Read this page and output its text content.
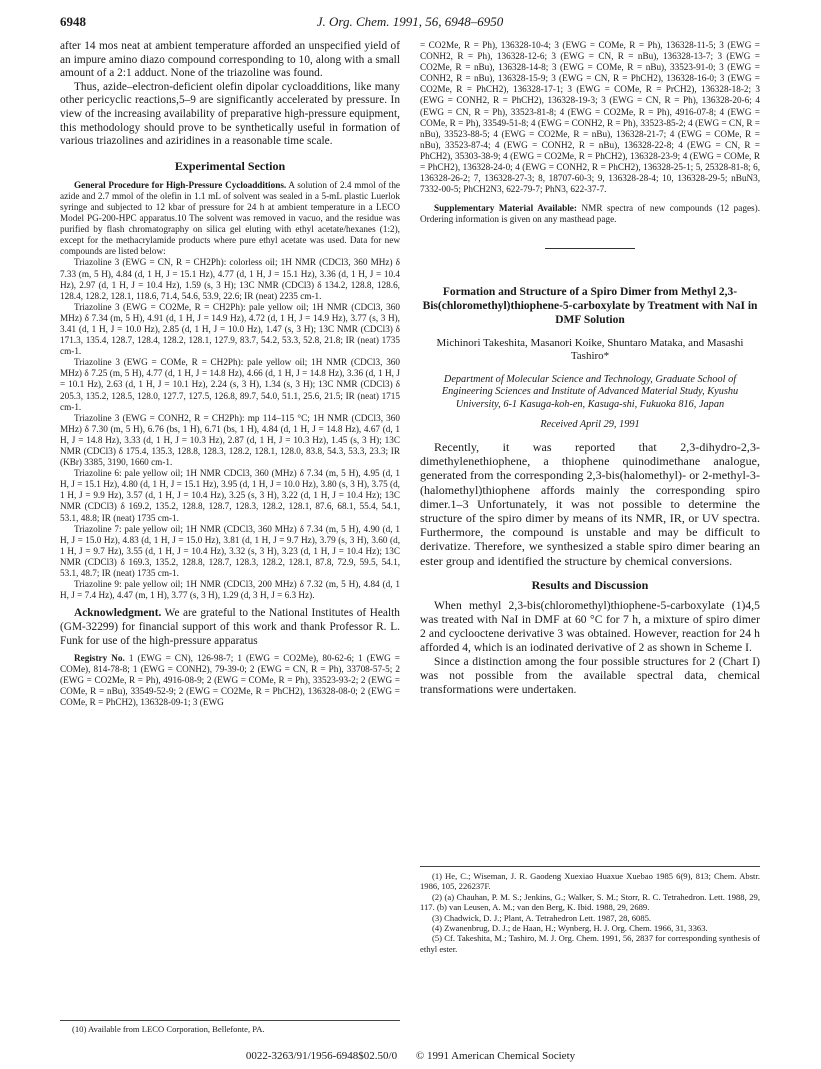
6948	J. Org. Chem. 1991, 56, 6948–6950

after 14 mos neat at ambient temperature afforded an unspecified yield of an impure amino diazo compound corresponding to 10, along with a small amount of a 2:1 adduct. None of the triazoline was found.

Thus, azide–electron-deficient olefin dipolar cycloadditions, like many other pericyclic reactions,5–9 are significantly accelerated by pressure. In view of the increasing availability of preparative high-pressure equipment, this methodology should prove to be synthetically useful in formation of various triazolines and aziridines in a reasonable time scale.

Experimental Section

General Procedure for High-Pressure Cycloadditions. A solution of 2.4 mmol of the azide and 2.7 mmol of the olefin in 1.1 mL of solvent was sealed in a 5-mL plastic Luerlok syringe and subjected to 12 kbar of pressure for 24 h at ambient temperature in a LECO Model PG-200-HPC apparatus.10 The solvent was removed in vacuo, and the residue was purified by flash chromatography on silica gel eluting with ethyl acetate/hexanes (1:2), except for the methacrylamide products where pure ethyl acetate was used. Data for new compounds are listed below:

Triazoline 3 (EWG = CN, R = CH2Ph): colorless oil; 1H NMR (CDCl3, 360 MHz) δ 7.33 (m, 5 H), 4.84 (d, 1 H, J = 15.1 Hz), 4.77 (d, 1 H, J = 15.1 Hz), 3.36 (d, 1 H, J = 10.4 Hz), 2.97 (d, 1 H, J = 10.4 Hz), 1.59 (s, 3 H); 13C NMR (CDCl3) δ 134.2, 128.8, 128.6, 128.4, 128.2, 128.1, 118.6, 71.4, 54.6, 53.9, 22.6; IR (neat) 2235 cm-1.

Triazoline 3 (EWG = CO2Me, R = CH2Ph): pale yellow oil; 1H NMR (CDCl3, 360 MHz) δ 7.34 (m, 5 H), 4.91 (d, 1 H, J = 14.9 Hz), 4.72 (d, 1 H, J = 14.9 Hz), 3.77 (s, 3 H), 3.41 (d, 1 H, J = 10.0 Hz), 2.85 (d, 1 H, J = 10.0 Hz), 1.47 (s, 3 H); 13C NMR (CDCl3) δ 171.3, 135.4, 128.7, 128.4, 128.2, 128.1, 127.9, 83.7, 54.2, 53.3, 52.8, 21.8; IR (neat) 1735 cm-1.

Triazoline 3 (EWG = COMe, R = CH2Ph): pale yellow oil; 1H NMR (CDCl3, 360 MHz) δ 7.25 (m, 5 H), 4.77 (d, 1 H, J = 14.8 Hz), 4.66 (d, 1 H, J = 14.8 Hz), 3.36 (d, 1 H, J = 10.1 Hz), 2.63 (d, 1 H, J = 10.1 Hz), 2.24 (s, 3 H), 1.34 (s, 3 H); 13C NMR (CDCl3) δ 205.3, 135.2, 128.5, 128.0, 127.7, 127.5, 126.8, 89.7, 54.0, 51.1, 25.6, 21.5; IR (neat) 1715 cm-1.

Triazoline 3 (EWG = CONH2, R = CH2Ph): mp 114–115 °C; 1H NMR (CDCl3, 360 MHz) δ 7.30 (m, 5 H), 6.76 (bs, 1 H), 6.71 (bs, 1 H), 4.84 (d, 1 H, J = 14.8 Hz), 4.67 (d, 1 H, J = 14.8 Hz), 3.33 (d, 1 H, J = 10.3 Hz), 2.87 (d, 1 H, J = 10.3 Hz), 1.45 (s, 3 H); 13C NMR (CDCl3) δ 175.4, 135.3, 128.8, 128.3, 128.2, 128.1, 128.0, 83.8, 54.3, 53.3, 23.3; IR (KBr) 3385, 3190, 1660 cm-1.

Triazoline 6: pale yellow oil; 1H NMR CDCl3, 360 (MHz) δ 7.34 (m, 5 H), 4.95 (d, 1 H, J = 15.1 Hz), 4.80 (d, 1 H, J = 15.1 Hz), 3.95 (d, 1 H, J = 10.0 Hz), 3.80 (s, 3 H), 3.75 (d, 1 H, J = 9.9 Hz), 3.57 (d, 1 H, J = 10.4 Hz), 3.25 (s, 3 H), 3.22 (d, 1 H, J = 10.4 Hz); 13C NMR (CDCl3) δ 169.2, 135.2, 128.8, 128.7, 128.3, 128.2, 128.1, 87.6, 68.1, 55.4, 54.1, 53.1, 48.8; IR (neat) 1735 cm-1.

Triazoline 7: pale yellow oil; 1H NMR (CDCl3, 360 MHz) δ 7.34 (m, 5 H), 4.90 (d, 1 H, J = 15.0 Hz), 4.83 (d, 1 H, J = 15.0 Hz), 3.81 (d, 1 H, J = 9.7 Hz), 3.79 (s, 3 H), 3.60 (d, 1 H, J = 9.7 Hz), 3.55 (d, 1 H, J = 10.4 Hz), 3.32 (s, 3 H), 3.23 (d, 1 H, J = 10.4 Hz); 13C NMR (CDCl3) δ 169.3, 135.2, 128.8, 128.7, 128.3, 128.2, 128.1, 87.8, 72.9, 59.5, 54.1, 53.1, 48.7; IR (neat) 1735 cm-1.

Triazoline 9: pale yellow oil; 1H NMR (CDCl3, 200 MHz) δ 7.32 (m, 5 H), 4.84 (d, 1 H, J = 7.4 Hz), 4.47 (m, 1 H), 3.77 (s, 3 H), 1.29 (d, 3 H, J = 6.3 Hz).

Acknowledgment. We are grateful to the National Institutes of Health (GM-32299) for financial support of this work and thank Professor R. L. Funk for use of the high-pressure apparatus

Registry No. 1 (EWG = CN), 126-98-7; 1 (EWG = CO2Me), 80-62-6; 1 (EWG = COMe), 814-78-8; 1 (EWG = CONH2), 79-39-0; 2 (EWG = CN, R = Ph), 33708-57-5; 2 (EWG = CO2Me, R = Ph), 4916-08-9; 2 (EWG = COMe, R = Ph), 33523-93-2; 2 (EWG = COMe, R = nBu), 33549-52-9; 2 (EWG = CO2Me, R = PhCH2), 136328-08-0; 2 (EWG = COMe, R = PhCH2), 136328-09-1; 3 (EWG

(10) Available from LECO Corporation, Bellefonte, PA.

= CO2Me, R = Ph), 136328-10-4; 3 (EWG = COMe, R = Ph), 136328-11-5; 3 (EWG = CONH2, R = Ph), 136328-12-6; 3 (EWG = CN, R = nBu), 136328-13-7; 3 (EWG = CO2Me, R = nBu), 136328-14-8; 3 (EWG = COMe, R = nBu), 33523-91-0; 3 (EWG = CONH2, R = nBu), 136328-15-9; 3 (EWG = CN, R = PhCH2), 136328-16-0; 3 (EWG = CO2Me, R = PhCH2), 136328-17-1; 3 (EWG = COMe, R = PrCH2), 136328-18-2; 3 (EWG = CONH2, R = PhCH2), 136328-19-3; 3 (EWG = CN, R = Ph), 136328-20-6; 4 (EWG = CN, R = Ph), 33523-81-8; 4 (EWG = CO2Me, R = Ph), 4916-07-8; 4 (EWG = COMe, R = Ph), 33549-51-8; 4 (EWG = CONH2, R = Ph), 33523-85-2; 4 (EWG = CN, R = nBu), 33523-88-5; 4 (EWG = CO2Me, R = nBu), 136328-21-7; 4 (EWG = COMe, R = nBu), 33523-87-4; 4 (EWG = CONH2, R = nBu), 136328-22-8; 4 (EWG = CN, R = PhCH2), 35303-38-9; 4 (EWG = CO2Me, R = PhCH2), 136328-23-9; 4 (EWG = COMe, R = PhCH2), 136328-24-0; 4 (EWG = CONH2, R = PhCH2), 136328-25-1; 5, 25328-81-8; 6, 136328-26-2; 7, 136328-27-3; 8, 18707-60-3; 9, 136328-28-4; 10, 136328-29-5; nBuN3, 7332-00-5; PhCH2N3, 622-79-7; PhN3, 622-37-7.

Supplementary Material Available: NMR spectra of new compounds (12 pages). Ordering information is given on any masthead page.

Formation and Structure of a Spiro Dimer from Methyl 2,3-Bis(chloromethyl)thiophene-5-carboxylate by Treatment with NaI in DMF Solution
Michinori Takeshita, Masanori Koike, Shuntaro Mataka, and Masashi Tashiro*
Department of Molecular Science and Technology, Graduate School of Engineering Sciences and Institute of Advanced Material Study, Kyushu University, 6-1 Kasuga-koh-en, Kasuga-shi, Fukuoka 816, Japan
Received April 29, 1991

Recently, it was reported that 2,3-dihydro-2,3-dimethylenethiophene, a thiophene quinodimethane analogue, generated from the corresponding 2,3-bis(halomethyl)- or 2-methyl-3-(halomethyl)thiophene affords mainly the corresponding spiro dimer.1–3 Unfortunately, it was not possible to determine the structure of the spiro dimer by means of its NMR, IR, or UV spectra. Furthermore, the compound is unstable and may be difficult to derivatize. Therefore, we synthesized a stable spiro dimer bearing an ester group and identified the structure by chemical conversions.

Results and Discussion

When methyl 2,3-bis(chloromethyl)thiophene-5-carboxylate (1)4,5 was treated with NaI in DMF at 60 °C for 7 h, a mixture of spiro dimer 2 and cyclooctene derivative 3 was obtained. However, reaction for 24 h afforded 4, which is an iodinated derivative of 2 as shown in Scheme I.

Since a distinction among the four possible structures for 2 (Chart I) was not possible from the available spectral data, chemical transformations were undertaken.

(1) He, C.; Wiseman, J. R. Gaodeng Xuexiao Huaxue Xuebao 1985 6(9), 813; Chem. Abstr. 1986, 105, 226237F.

(2) (a) Chauhan, P. M. S.; Jenkins, G.; Walker, S. M.; Storr, R. C. Tetrahedron. Lett. 1988, 29, 117. (b) van Leusen, A. M.; van den Berg, K. Ibid. 1988, 29, 2689.

(3) Chadwick, D. J.; Plant, A. Tetrahedron Lett. 1987, 28, 6085.

(4) Zwanenbrug, D. J.; de Haan, H.; Wynberg, H. J. Org. Chem. 1966, 31, 3363.

(5) Cf. Takeshita, M.; Tashiro, M. J. Org. Chem. 1991, 56, 2837 for corresponding synthesis of ethyl ester.

0022-3263/91/1956-6948$02.50/0 © 1991 American Chemical Society
